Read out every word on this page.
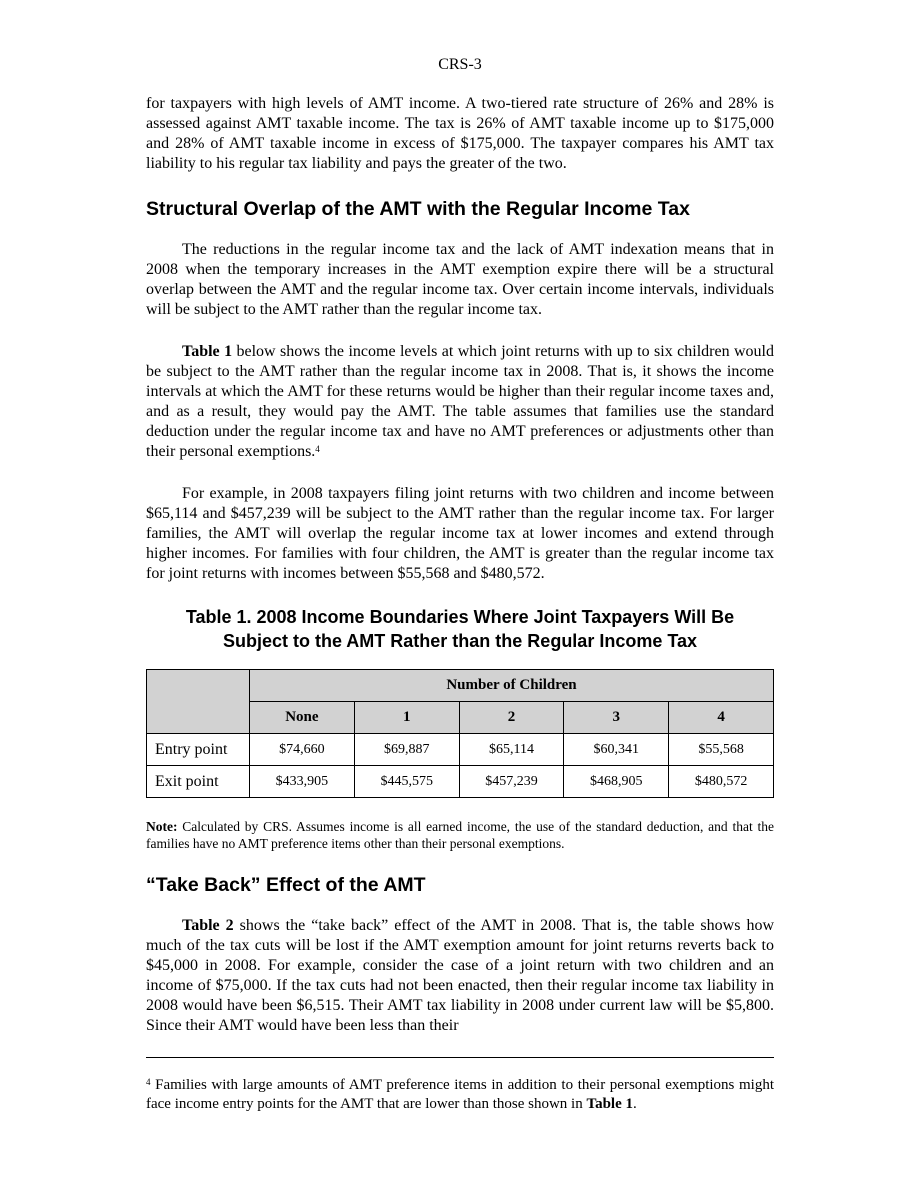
CRS-3

for taxpayers with high levels of AMT income. A two-tiered rate structure of 26% and 28% is assessed against AMT taxable income. The tax is 26% of AMT taxable income up to $175,000 and 28% of AMT taxable income in excess of $175,000. The taxpayer compares his AMT tax liability to his regular tax liability and pays the greater of the two.

Structural Overlap of the AMT with the Regular Income Tax

The reductions in the regular income tax and the lack of AMT indexation means that in 2008 when the temporary increases in the AMT exemption expire there will be a structural overlap between the AMT and the regular income tax. Over certain income intervals, individuals will be subject to the AMT rather than the regular income tax.

Table 1 below shows the income levels at which joint returns with up to six children would be subject to the AMT rather than the regular income tax in 2008. That is, it shows the income intervals at which the AMT for these returns would be higher than their regular income taxes and, and as a result, they would pay the AMT. The table assumes that families use the standard deduction under the regular income tax and have no AMT preferences or adjustments other than their personal exemptions.$^4$

For example, in 2008 taxpayers filing joint returns with two children and income between $65,114 and $457,239 will be subject to the AMT rather than the regular income tax. For larger families, the AMT will overlap the regular income tax at lower incomes and extend through higher incomes. For families with four children, the AMT is greater than the regular income tax for joint returns with incomes between $55,568 and $480,572.

Table 1. 2008 Income Boundaries Where Joint Taxpayers Will Be
Subject to the AMT Rather than the Regular Income Tax
	Number of Children				
	None	1	2	3	4
Entry point	$74,660	$69,887	$65,114	$60,341	$55,568
Exit point	$433,905	$445,575	$457,239	$468,905	$480,572

Note: Calculated by CRS. Assumes income is all earned income, the use of the standard deduction, and that the families have no AMT preference items other than their personal exemptions.

“Take Back” Effect of the AMT

Table 2 shows the “take back” effect of the AMT in 2008. That is, the table shows how much of the tax cuts will be lost if the AMT exemption amount for joint returns reverts back to $45,000 in 2008. For example, consider the case of a joint return with two children and an income of $75,000. If the tax cuts had not been enacted, then their regular income tax liability in 2008 would have been $6,515. Their AMT tax liability in 2008 under current law will be $5,800. Since their AMT would have been less than their

$^4$ Families with large amounts of AMT preference items in addition to their personal exemptions might face income entry points for the AMT that are lower than those shown in Table 1.
